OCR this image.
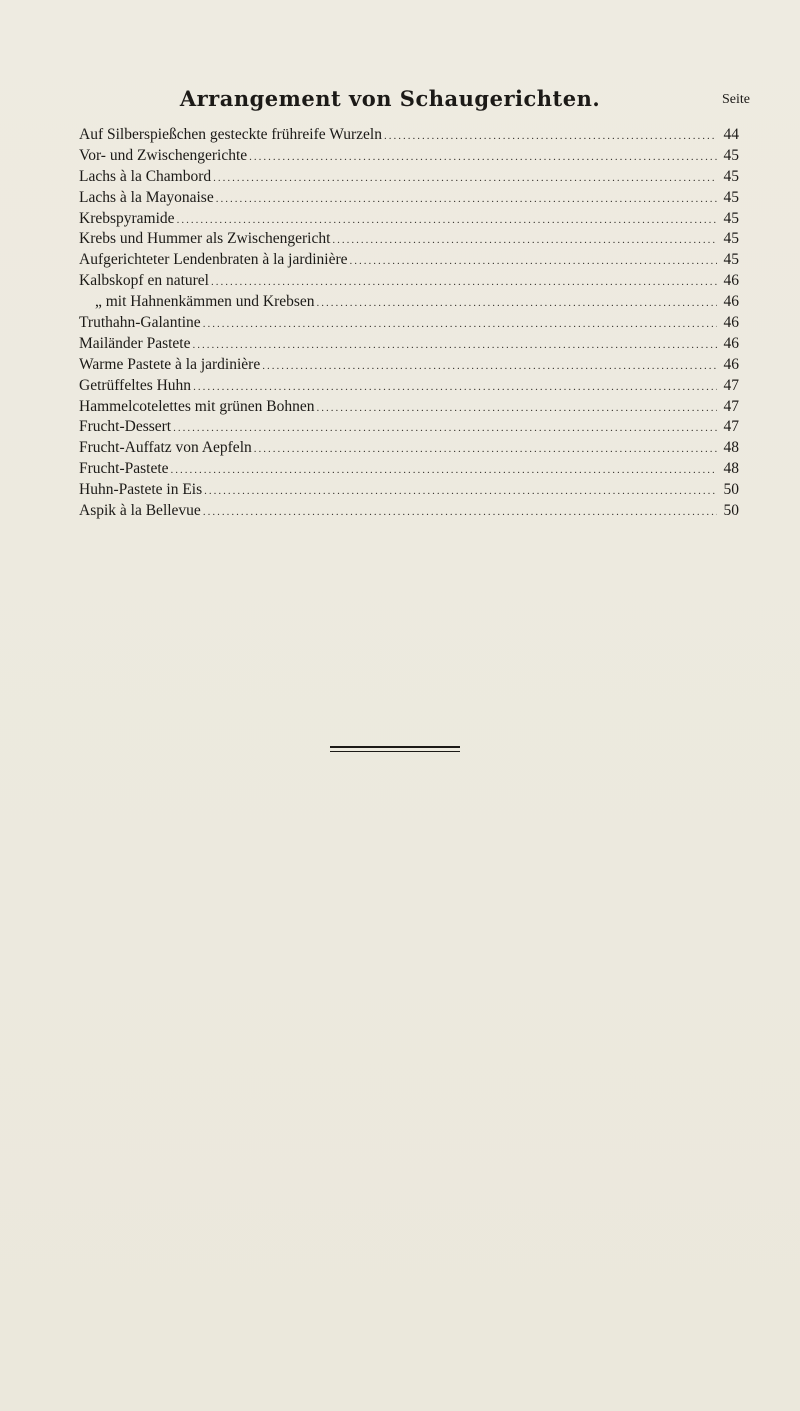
Arrangement von Schaugerichten.	Seite
Auf Silberspießchen gesteckte frühreife Wurzeln .....	44
Vor- und Zwischengerichte .....	45
Lachs à la Chambord .....	45
Lachs à la Mayonaise .....	45
Krebspyramide .....	45
Krebs und Hummer als Zwischengericht .....	45
Aufgerichteter Lendenbraten à la jardinière .....	45
Kalbskopf en naturel .....	46
„ mit Hahnenkämmen und Krebsen .....	46
Truthahn-Galantine .....	46
Mailänder Pastete .....	46
Warme Pastete à la jardinière .....	46
Getrüffeltes Huhn .....	47
Hammelcotelettes mit grünen Bohnen .....	47
Frucht-Dessert .....	47
Frucht-Auffatz von Aepfeln .....	48
Frucht-Pastete .....	48
Huhn-Pastete in Eis .....	50
Aspik à la Bellevue .....	50
